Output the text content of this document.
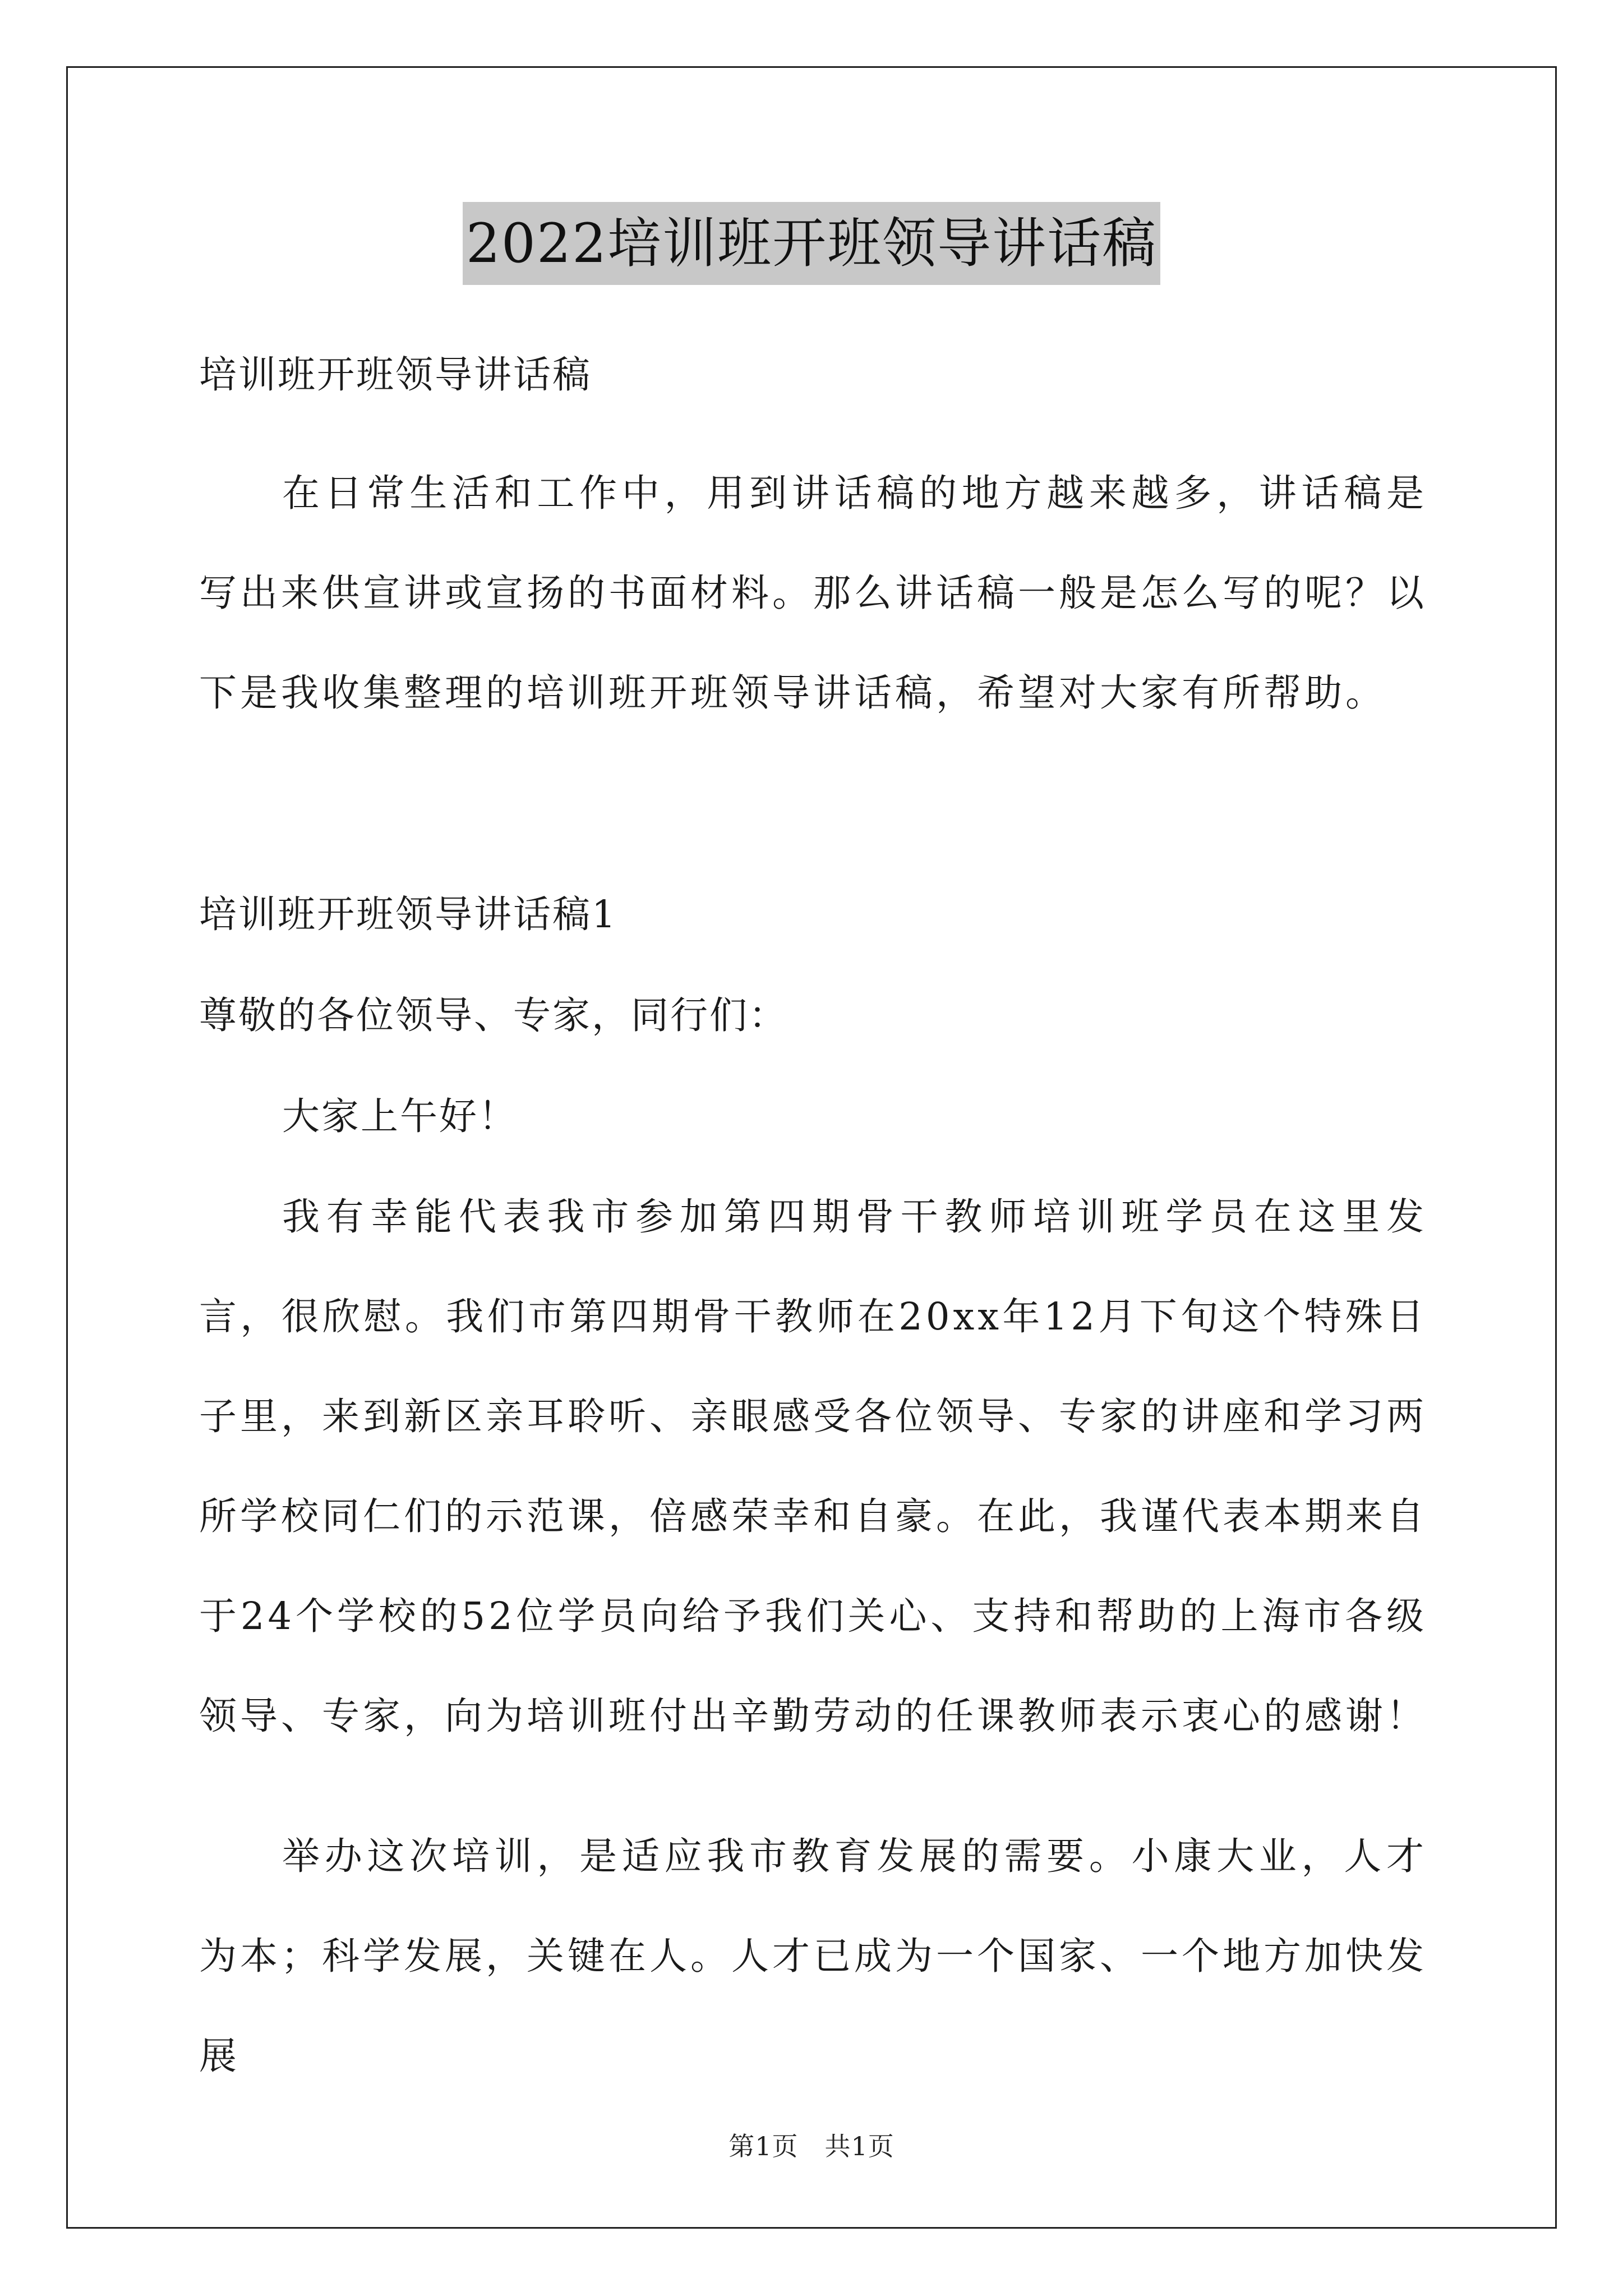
2022培训班开班领导讲话稿
培训班开班领导讲话稿
在日常生活和工作中，用到讲话稿的地方越来越多，讲话稿是写出来供宣讲或宣扬的书面材料。那么讲话稿一般是怎么写的呢？以下是我收集整理的培训班开班领导讲话稿，希望对大家有所帮助。
培训班开班领导讲话稿1
尊敬的各位领导、专家，同行们：
大家上午好！
我有幸能代表我市参加第四期骨干教师培训班学员在这里发言，很欣慰。我们市第四期骨干教师在20xx年12月下旬这个特殊日子里，来到新区亲耳聆听、亲眼感受各位领导、专家的讲座和学习两所学校同仁们的示范课，倍感荣幸和自豪。在此，我谨代表本期来自于24个学校的52位学员向给予我们关心、支持和帮助的上海市各级领导、专家，向为培训班付出辛勤劳动的任课教师表示衷心的感谢！
举办这次培训，是适应我市教育发展的需要。小康大业，人才为本；科学发展，关键在人。人才已成为一个国家、一个地方加快发展
第1页　共1页
